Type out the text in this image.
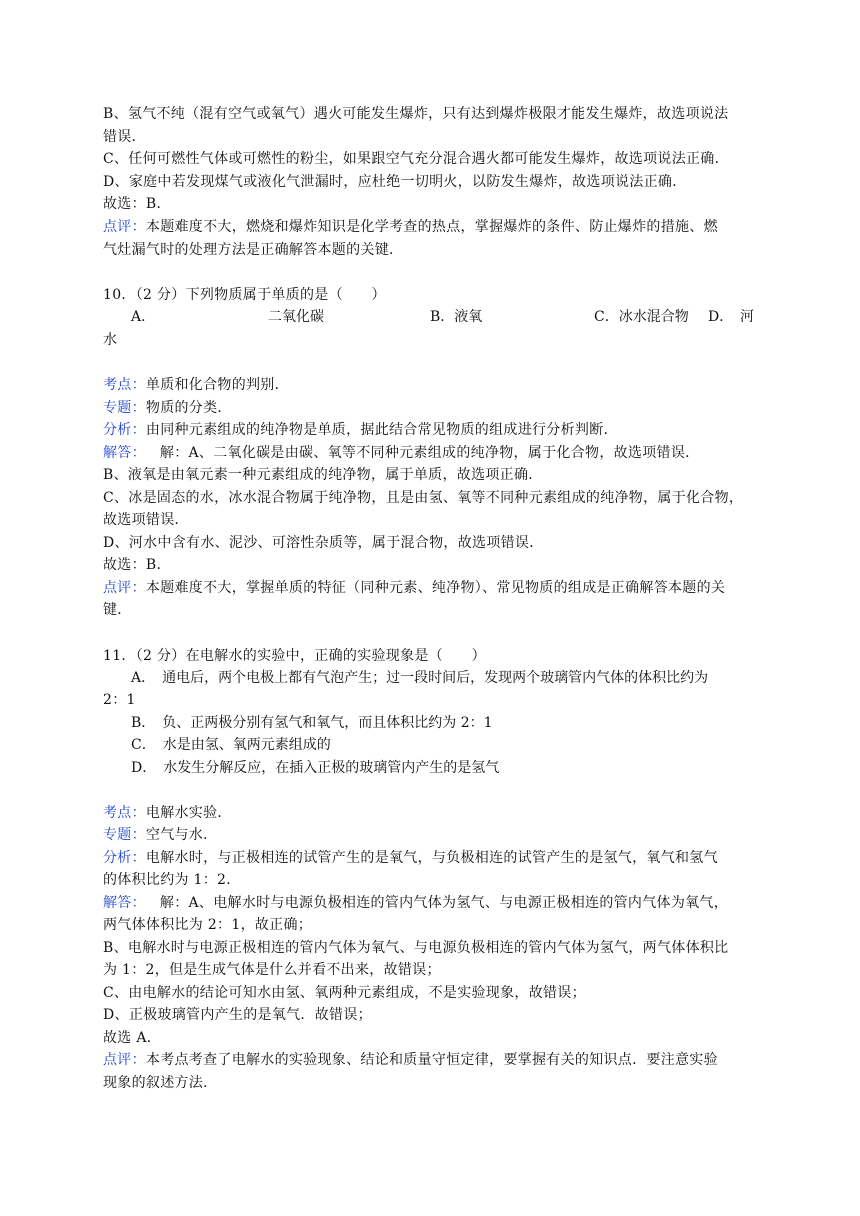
B、氢气不纯（混有空气或氧气）遇火可能发生爆炸，只有达到爆炸极限才能发生爆炸，故选项说法
错误．
C、任何可燃性气体或可燃性的粉尘，如果跟空气充分混合遇火都可能发生爆炸，故选项说法正确．
D、家庭中若发现煤气或液化气泄漏时，应杜绝一切明火，以防发生爆炸，故选项说法正确．
故选：B．
点评：本题难度不大，燃烧和爆炸知识是化学考查的热点，掌握爆炸的条件、防止爆炸的措施、燃
气灶漏气时的处理方法是正确解答本题的关键．
10．（2 分）下列物质属于单质的是（　　）
A．	二氧化碳	B．液氧	C．冰水混合物 D． 河
水
考点：单质和化合物的判别．
专题：物质的分类．
分析：由同种元素组成的纯净物是单质，据此结合常见物质的组成进行分析判断．
解答： 解：A、二氧化碳是由碳、氧等不同种元素组成的纯净物，属于化合物，故选项错误．
B、液氧是由氧元素一种元素组成的纯净物，属于单质，故选项正确．
C、冰是固态的水，冰水混合物属于纯净物，且是由氢、氧等不同种元素组成的纯净物，属于化合物，
故选项错误．
D、河水中含有水、泥沙、可溶性杂质等，属于混合物，故选项错误．
故选：B．
点评：本题难度不大，掌握单质的特征（同种元素、纯净物）、常见物质的组成是正确解答本题的关
键．
11．（2 分）在电解水的实验中，正确的实验现象是（　　）
A．　通电后，两个电极上都有气泡产生；过一段时间后，发现两个玻璃管内气体的体积比约为
2：1
B．　负、正两极分别有氢气和氧气，而且体积比约为 2：1
C．　水是由氢、氧两元素组成的
D．　水发生分解反应，在插入正极的玻璃管内产生的是氢气
考点：电解水实验．
专题：空气与水．
分析：电解水时，与正极相连的试管产生的是氧气，与负极相连的试管产生的是氢气，氧气和氢气
的体积比约为 1：2．
解答： 解：A、电解水时与电源负极相连的管内气体为氢气、与电源正极相连的管内气体为氧气，
两气体体积比为 2：1，故正确；
B、电解水时与电源正极相连的管内气体为氧气、与电源负极相连的管内气体为氢气，两气体体积比
为 1：2，但是生成气体是什么并看不出来，故错误；
C、由电解水的结论可知水由氢、氧两种元素组成，不是实验现象，故错误；
D、正极玻璃管内产生的是氧气．故错误；
故选 A．
点评：本考点考查了电解水的实验现象、结论和质量守恒定律，要掌握有关的知识点．要注意实验
现象的叙述方法．
